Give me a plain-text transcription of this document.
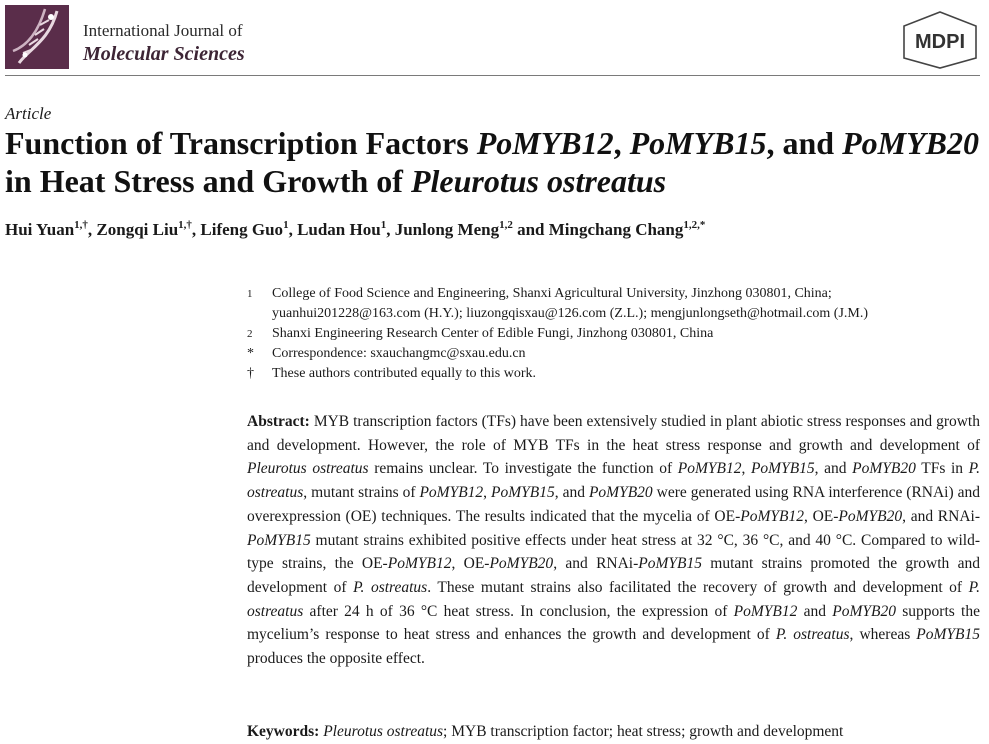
International Journal of
Molecular Sciences
MDPI
Article
Function of Transcription Factors PoMYB12, PoMYB15, and PoMYB20 in Heat Stress and Growth of Pleurotus ostreatus
Hui Yuan$^{1,\dagger}$, Zongqi Liu$^{1,\dagger}$, Lifeng Guo$^1$, Ludan Hou$^1$, Junlong Meng$^{1,2}$ and Mingchang Chang$^{1,2,*}$
1	College of Food Science and Engineering, Shanxi Agricultural University, Jinzhong 030801, China; yuanhui201228@163.com (H.Y.); liuzongqisxau@126.com (Z.L.); mengjunlongseth@hotmail.com (J.M.)
2	Shanxi Engineering Research Center of Edible Fungi, Jinzhong 030801, China
*	Correspondence: sxauchangmc@sxau.edu.cn
†	These authors contributed equally to this work.

Abstract: MYB transcription factors (TFs) have been extensively studied in plant abiotic stress responses and growth and development. However, the role of MYB TFs in the heat stress response and growth and development of Pleurotus ostreatus remains unclear. To investigate the function of PoMYB12, PoMYB15, and PoMYB20 TFs in P. ostreatus, mutant strains of PoMYB12, PoMYB15, and PoMYB20 were generated using RNA interference (RNAi) and overexpression (OE) techniques. The results indicated that the mycelia of OE-PoMYB12, OE-PoMYB20, and RNAi-PoMYB15 mutant strains exhibited positive effects under heat stress at 32 °C, 36 °C, and 40 °C. Compared to wild-type strains, the OE-PoMYB12, OE-PoMYB20, and RNAi-PoMYB15 mutant strains promoted the growth and development of P. ostreatus. These mutant strains also facilitated the recovery of growth and development of P. ostreatus after 24 h of 36 °C heat stress. In conclusion, the expression of PoMYB12 and PoMYB20 supports the mycelium’s response to heat stress and enhances the growth and development of P. ostreatus, whereas PoMYB15 produces the opposite effect.

Keywords: Pleurotus ostreatus; MYB transcription factor; heat stress; growth and development
